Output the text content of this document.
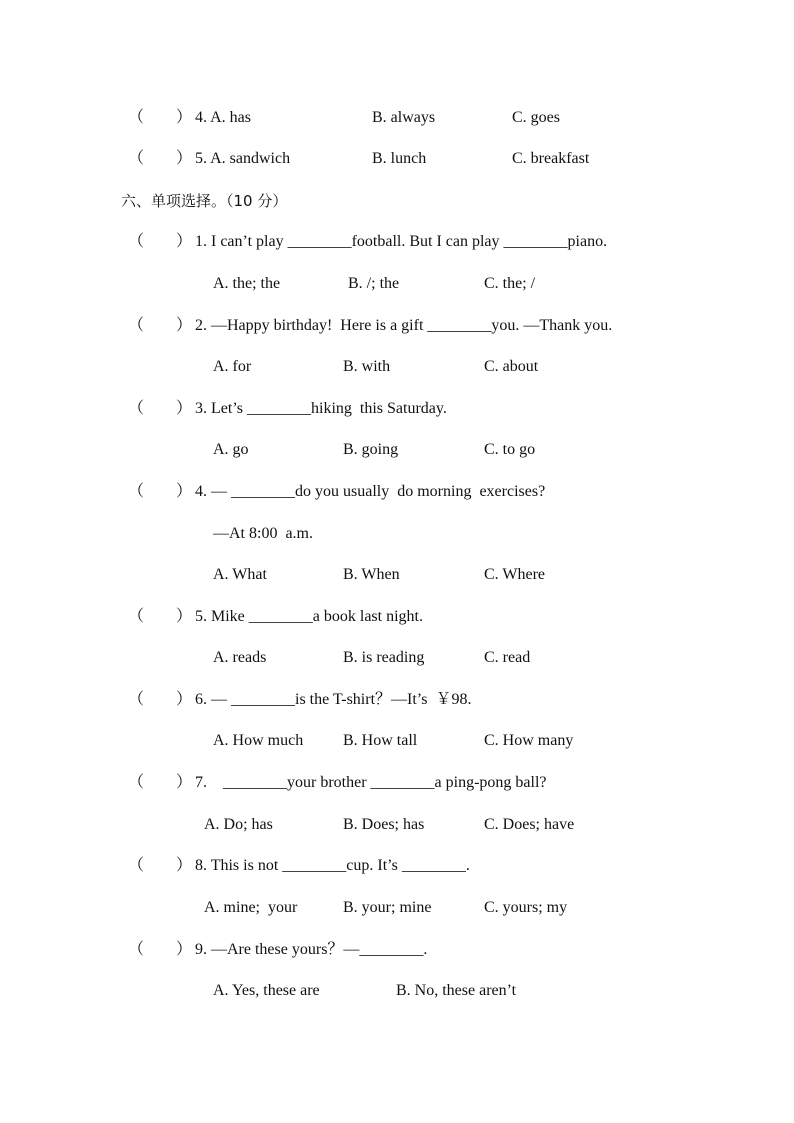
（ ） 4. A. has	B. always	C. goes
（ ） 5. A. sandwich	B. lunch	C. breakfast
六、单项选择。（10 分）
（ ） 1. I can’t play ________football. But I can play ________piano.
A. the; the	B. /; the	C. the; /
（ ） 2. —Happy birthday!  Here is a gift ________you. —Thank you.
A. for	B. with	C. about
（ ） 3. Let’s ________hiking  this Saturday.
A. go	B. going	C. to go
（ ） 4. — ________do you usually  do morning  exercises?
—At 8:00  a.m.
A. What	B. When	C. Where
（ ） 5. Mike ________a book last night.
A. reads	B. is reading	C. read
（ ） 6. — ________is the T-shirt？—It’s  ￥98.
A. How much B. How tall	C. How many
（ ） 7.    ________your brother ________a ping-pong ball?
A. Do; has	B. Does; has	C. Does; have
（ ） 8. This is not ________cup. It’s ________.
A. mine;  your	B. your; mine	C. yours; my
（ ） 9. —Are these yours？—________.
A. Yes, these are	B. No, these aren’t
